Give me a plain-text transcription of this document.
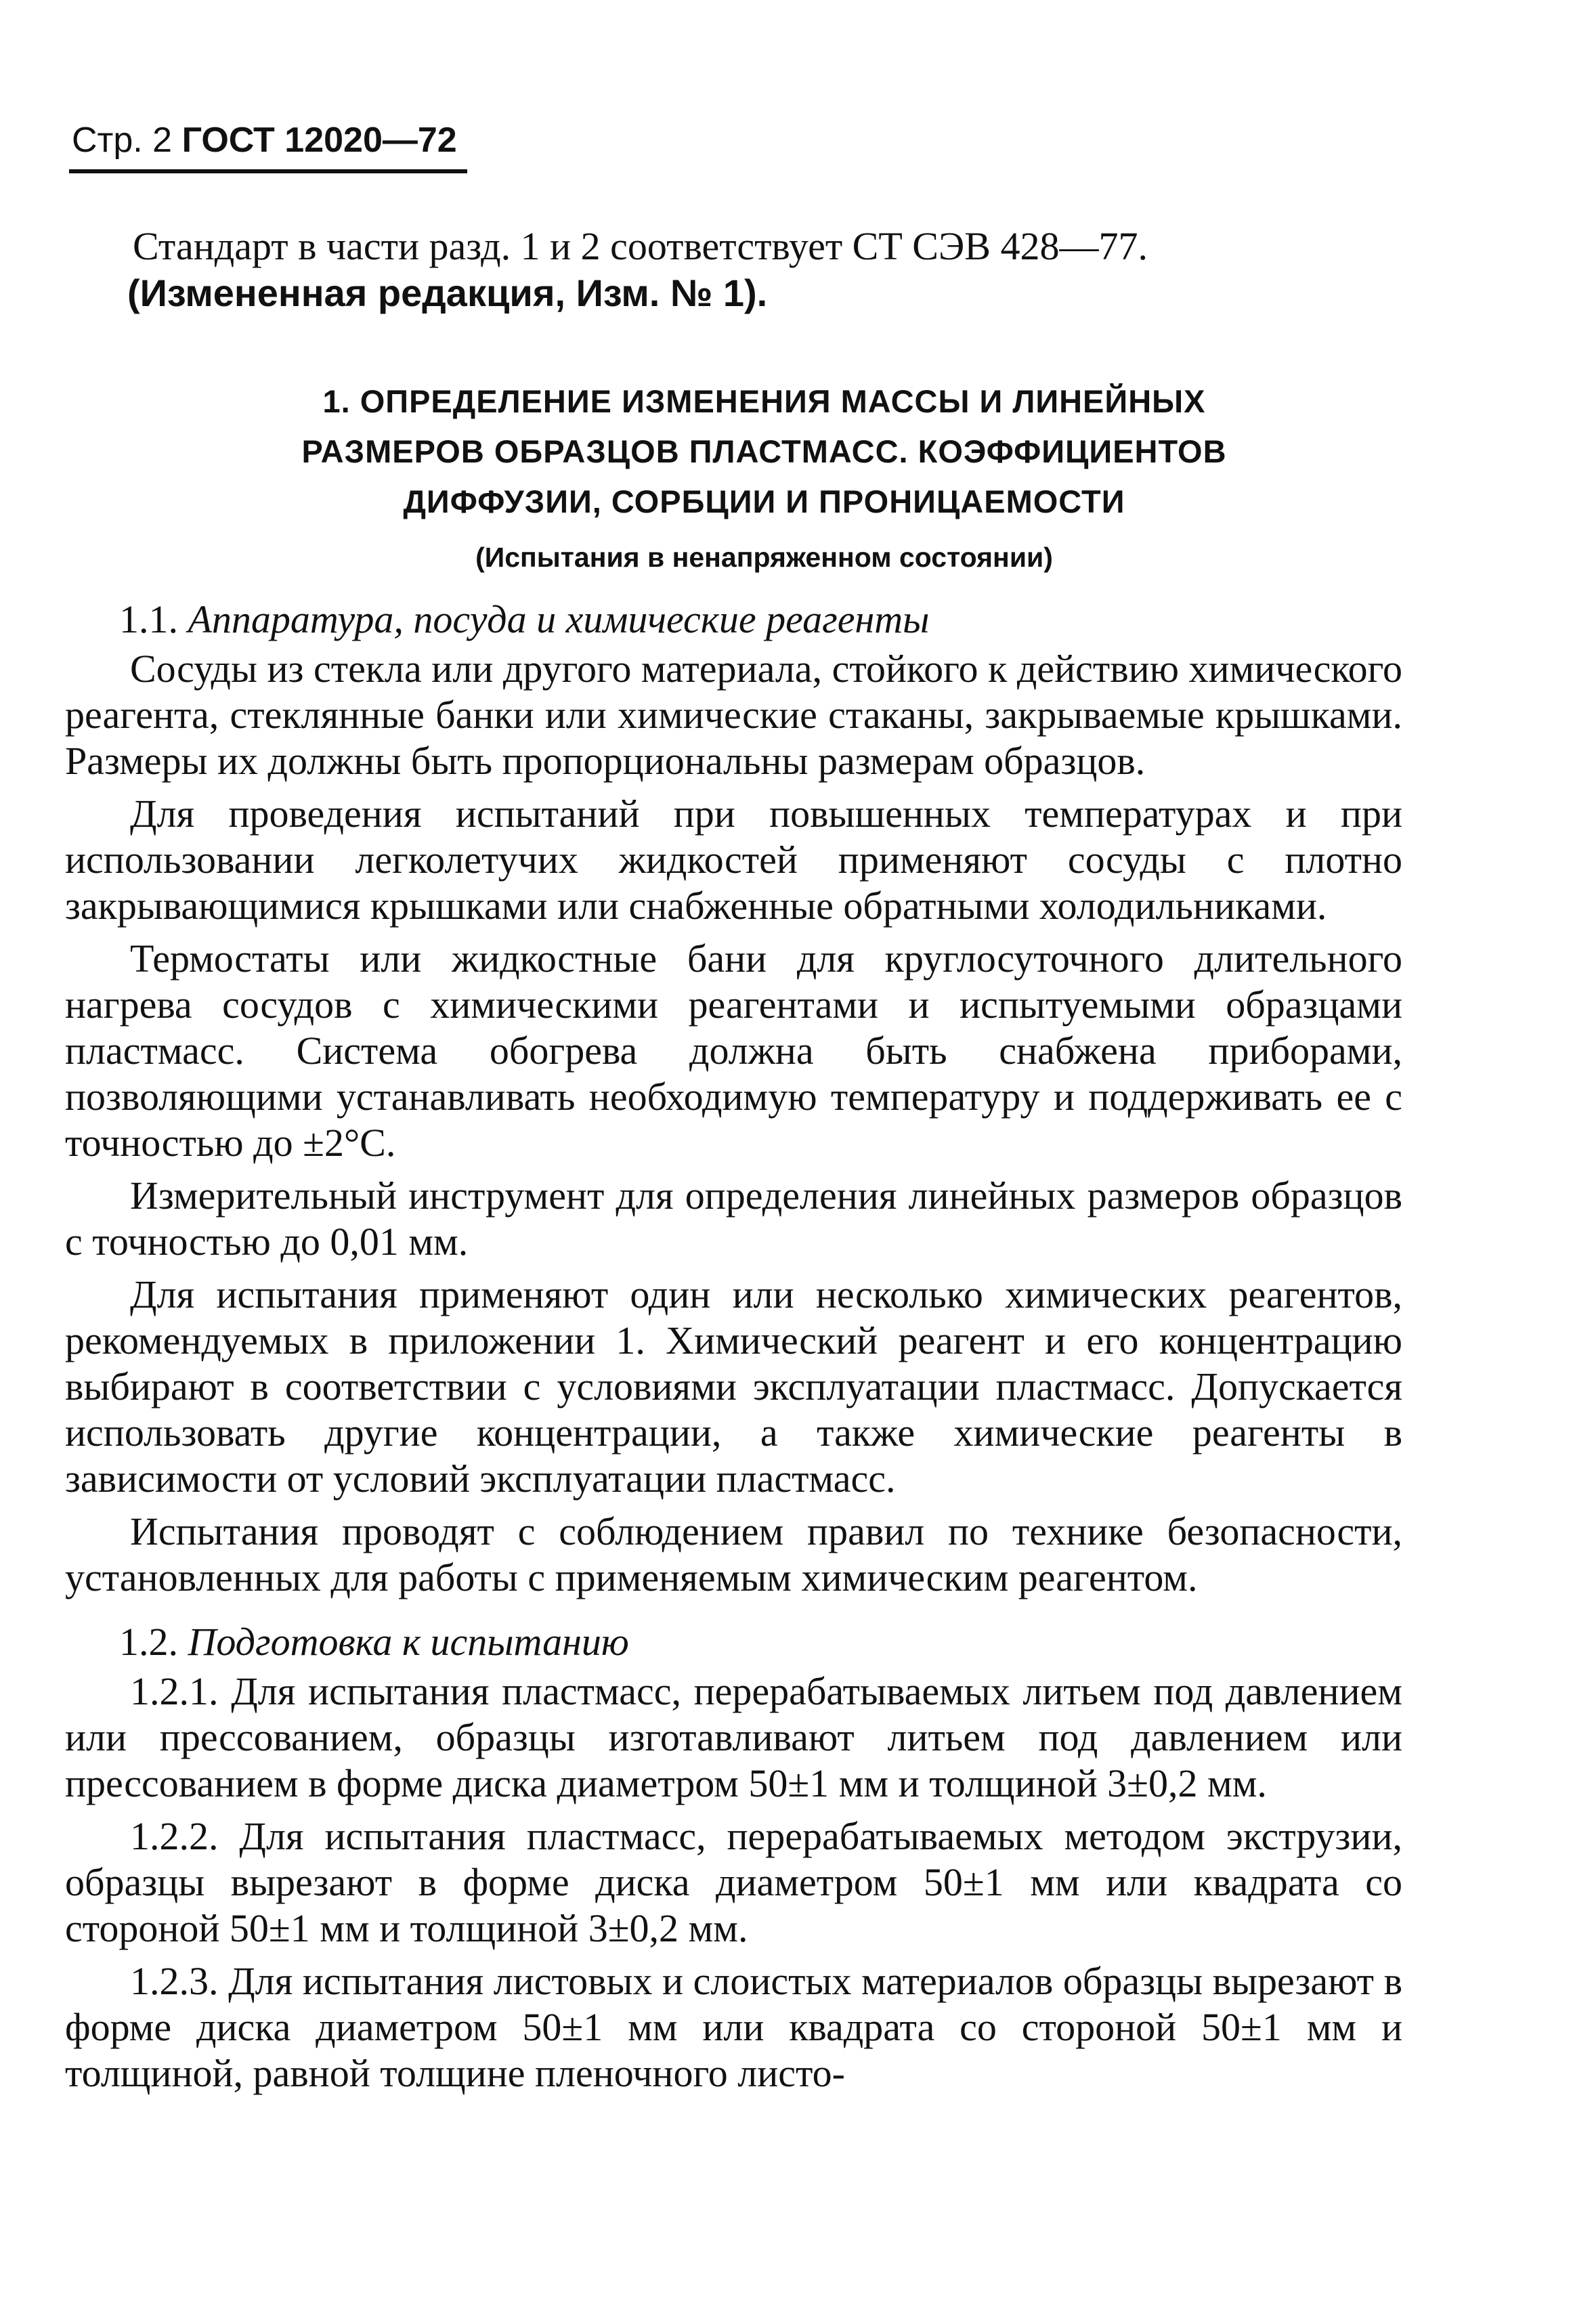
Стр. 2 ГОСТ 12020—72
Стандарт в части разд. 1 и 2 соответствует СТ СЭВ 428—77.
(Измененная редакция, Изм. № 1).
1. ОПРЕДЕЛЕНИЕ ИЗМЕНЕНИЯ МАССЫ И ЛИНЕЙНЫХ
РАЗМЕРОВ ОБРАЗЦОВ ПЛАСТМАСС. КОЭФФИЦИЕНТОВ
ДИФФУЗИИ, СОРБЦИИ И ПРОНИЦАЕМОСТИ
(Испытания в ненапряженном состоянии)
1.1. Аппаратура, посуда и химические реагенты

Сосуды из стекла или другого материала, стойкого к действию химического реагента, стеклянные банки или химические стаканы, закрываемые крышками. Размеры их должны быть пропорциональны размерам образцов.

Для проведения испытаний при повышенных температурах и при использовании легколетучих жидкостей применяют сосуды с плотно закрывающимися крышками или снабженные обратными холодильниками.

Термостаты или жидкостные бани для круглосуточного длительного нагрева сосудов с химическими реагентами и испытуемыми образцами пластмасс. Система обогрева должна быть снабжена приборами, позволяющими устанавливать необходимую температуру и поддерживать ее с точностью до ±2°С.

Измерительный инструмент для определения линейных размеров образцов с точностью до 0,01 мм.

Для испытания применяют один или несколько химических реагентов, рекомендуемых в приложении 1. Химический реагент и его концентрацию выбирают в соответствии с условиями эксплуатации пластмасс. Допускается использовать другие концентрации, а также химические реагенты в зависимости от условий эксплуатации пластмасс.

Испытания проводят с соблюдением правил по технике безопасности, установленных для работы с применяемым химическим реагентом.

1.2. Подготовка к испытанию

1.2.1. Для испытания пластмасс, перерабатываемых литьем под давлением или прессованием, образцы изготавливают литьем под давлением или прессованием в форме диска диаметром 50±1 мм и толщиной 3±0,2 мм.

1.2.2. Для испытания пластмасс, перерабатываемых методом экструзии, образцы вырезают в форме диска диаметром 50±1 мм или квадрата со стороной 50±1 мм и толщиной 3±0,2 мм.

1.2.3. Для испытания листовых и слоистых материалов образцы вырезают в форме диска диаметром 50±1 мм или квадрата со стороной 50±1 мм и толщиной, равной толщине пленочного листо-
